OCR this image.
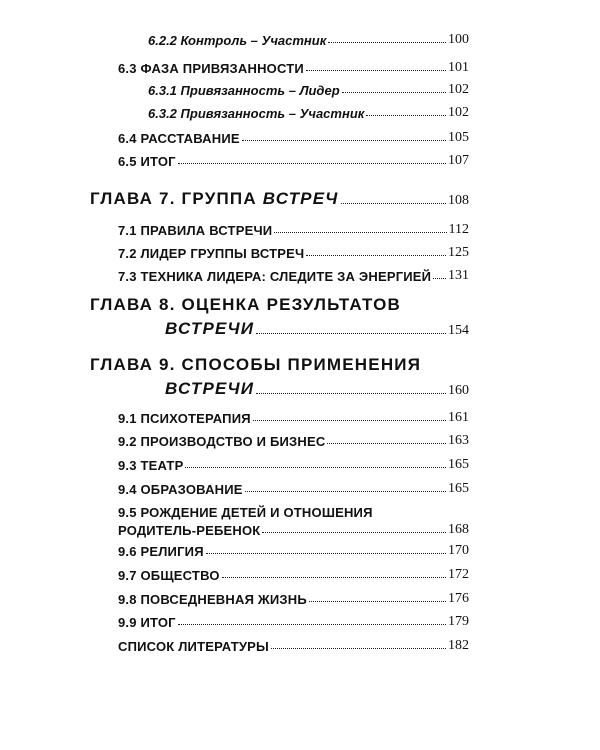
6.2.2 Контроль – Участник	100
6.3 ФАЗА ПРИВЯЗАННОСТИ	101
6.3.1 Привязанность – Лидер	102
6.3.2 Привязанность – Участник	102
6.4 РАССТАВАНИЕ	105
6.5 ИТОГ	107
ГЛАВА 7. ГРУППА ВСТРЕЧ	108
7.1 ПРАВИЛА ВСТРЕЧИ	112
7.2 ЛИДЕР ГРУППЫ ВСТРЕЧ	125
7.3 ТЕХНИКА ЛИДЕРА: СЛЕДИТЕ ЗА ЭНЕРГИЕЙ 131
ГЛАВА 8. ОЦЕНКА РЕЗУЛЬТАТОВ
ВСТРЕЧИ	154
ГЛАВА 9. СПОСОБЫ ПРИМЕНЕНИЯ
ВСТРЕЧИ	160
9.1 ПСИХОТЕРАПИЯ	161
9.2 ПРОИЗВОДСТВО И БИЗНЕС	163
9.3 ТЕАТР	165
9.4 ОБРАЗОВАНИЕ	165
9.5 РОЖДЕНИЕ ДЕТЕЙ И ОТНОШЕНИЯ
РОДИТЕЛЬ-РЕБЕНОК	168
9.6 РЕЛИГИЯ	170
9.7 ОБЩЕСТВО	172
9.8 ПОВСЕДНЕВНАЯ ЖИЗНЬ	176
9.9 ИТОГ	179
СПИСОК ЛИТЕРАТУРЫ	182
